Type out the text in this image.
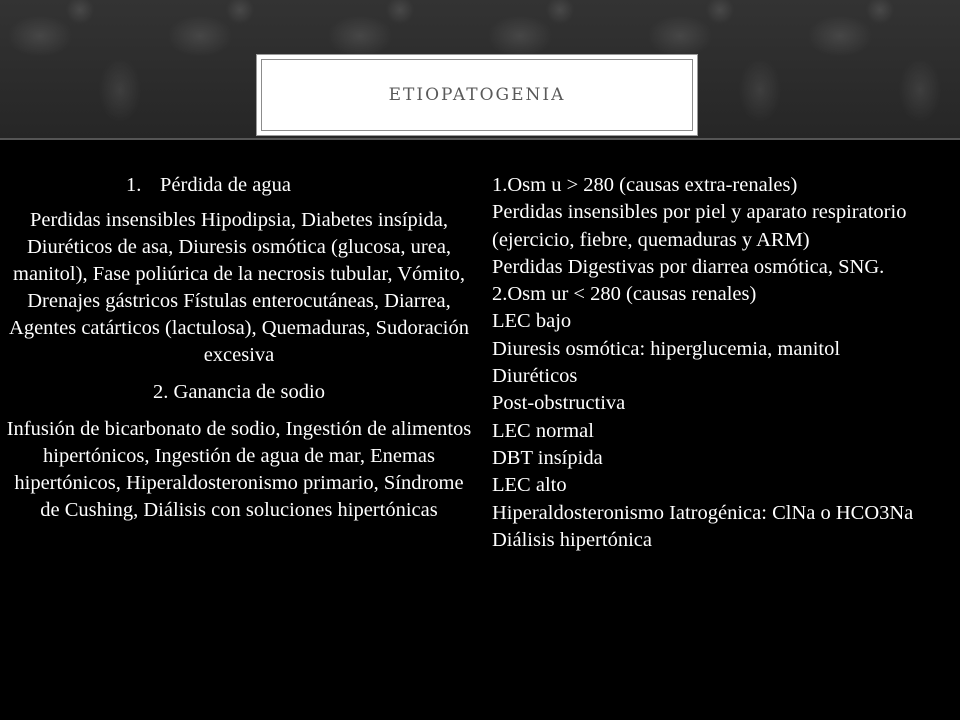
ETIOPATOGENIA
1. Pérdida de agua

Perdidas insensibles Hipodipsia, Diabetes insípida, Diuréticos de asa, Diuresis osmótica (glucosa, urea, manitol), Fase poliúrica de la necrosis tubular, Vómito, Drenajes gástricos Fístulas enterocutáneas, Diarrea, Agentes catárticos (lactulosa), Quemaduras, Sudoración excesiva

2. Ganancia de sodio

Infusión de bicarbonato de sodio, Ingestión de alimentos hipertónicos, Ingestión de agua de mar, Enemas hipertónicos, Hiperaldosteronismo primario, Síndrome de Cushing, Diálisis con soluciones hipertónicas

1.Osm u > 280 (causas extra-renales)
Perdidas insensibles por piel y aparato respiratorio (ejercicio, fiebre, quemaduras y ARM)
Perdidas Digestivas por diarrea osmótica, SNG.
2.Osm ur < 280 (causas renales)
LEC bajo
Diuresis osmótica: hiperglucemia, manitol
Diuréticos
Post-obstructiva
LEC normal
DBT insípida
LEC alto
Hiperaldosteronismo Iatrogénica: ClNa o HCO3Na
Diálisis hipertónica
